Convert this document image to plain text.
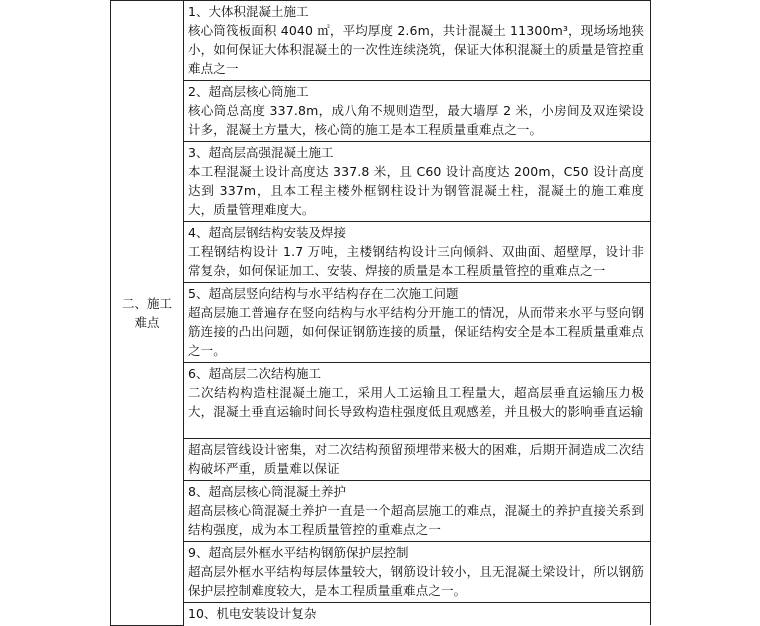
二、施工
难点

1、大体积混凝土施工
核心筒筏板面积 4040 ㎡，平均厚度 2.6m，共计混凝土 11300m³，现场场地狭小，如何保证大体积混凝土的一次性连续浇筑，保证大体积混凝土的质量是管控重难点之一

2、超高层核心筒施工
核心筒总高度 337.8m，成八角不规则造型，最大墙厚 2 米，小房间及双连梁设计多，混凝土方量大，核心筒的施工是本工程质量重难点之一。

3、超高层高强混凝土施工
本工程混凝土设计高度达 337.8 米，且 C60 设计高度达 200m，C50 设计高度达到 337m，且本工程主楼外框钢柱设计为钢管混凝土柱，混凝土的施工难度大，质量管理难度大。

4、超高层钢结构安装及焊接
工程钢结构设计 1.7 万吨，主楼钢结构设计三向倾斜、双曲面、超壁厚，设计非常复杂，如何保证加工、安装、焊接的质量是本工程质量管控的重难点之一

5、超高层竖向结构与水平结构存在二次施工问题
超高层施工普遍存在竖向结构与水平结构分开施工的情况，从而带来水平与竖向钢筋连接的凸出问题，如何保证钢筋连接的质量，保证结构安全是本工程质量重难点之一。

6、超高层二次结构施工
二次结构构造柱混凝土施工，采用人工运输且工程量大，超高层垂直运输压力极大，混凝土垂直运输时间长导致构造柱强度低且观感差，并且极大的影响垂直运输

超高层管线设计密集，对二次结构预留预埋带来极大的困难，后期开洞造成二次结构破坏严重，质量难以保证

8、超高层核心筒混凝土养护
超高层核心筒混凝土养护一直是一个超高层施工的难点，混凝土的养护直接关系到结构强度，成为本工程质量管控的重难点之一

9、超高层外框水平结构钢筋保护层控制
超高层外框水平结构每层体量较大，钢筋设计较小，且无混凝土梁设计，所以钢筋保护层控制难度较大，是本工程质量重难点之一。

10、机电安装设计复杂
